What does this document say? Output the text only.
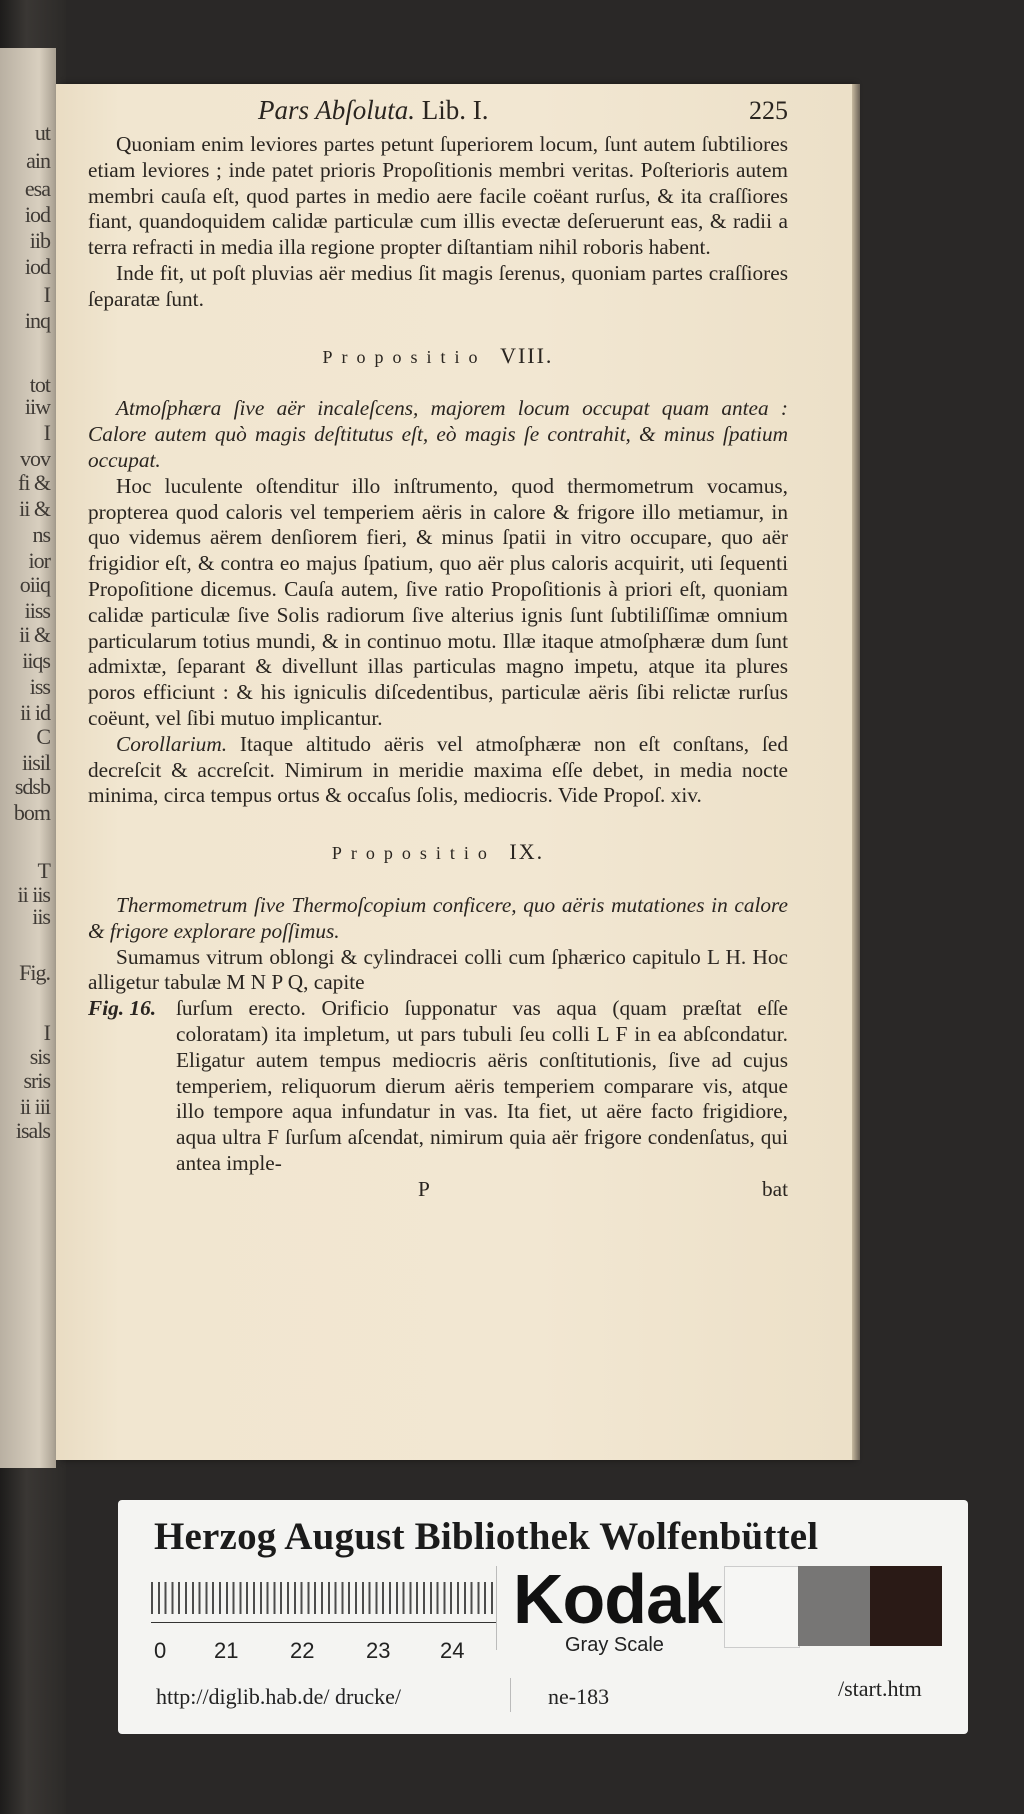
ut
ain
esa
iod
iib
iod
I
inq
tot
iiw
I
vov
fi &
ii &
ns
ior
oiiq
iiss
ii &
iiqs
iss
ii id
C
iisil
sdsb
bom
T
ii iis
iis
Fig.
I
sis
sris
ii iii
isals
Pars Abſoluta. Lib. I.	225

Quoniam enim leviores partes petunt ſuperiorem locum, ſunt autem ſubtiliores etiam leviores ; inde patet prioris Propoſitionis membri veritas. Poſterioris autem membri cauſa eſt, quod partes in medio aere facile coëant rurſus, & ita craſſiores fiant, quandoquidem calidæ particulæ cum illis evectæ deſeruerunt eas, & radii a terra refracti in media illa regione propter diſtantiam nihil roboris habent.

Inde fit, ut poſt pluvias aër medius ſit magis ſerenus, quoniam partes craſſiores ſeparatæ ſunt.

Propositio VIII.

Atmoſphæra ſive aër incaleſcens, majorem locum occupat quam antea : Calore autem quò magis deſtitutus eſt, eò magis ſe contrahit, & minus ſpatium occupat.

Hoc luculente oſtenditur illo inſtrumento, quod thermometrum vocamus, propterea quod caloris vel temperiem aëris in calore & frigore illo metiamur, in quo videmus aërem denſiorem fieri, & minus ſpatii in vitro occupare, quo aër frigidior eſt, & contra eo majus ſpatium, quo aër plus caloris acquirit, uti ſequenti Propoſitione dicemus. Cauſa autem, ſive ratio Propoſitionis à priori eſt, quoniam calidæ particulæ ſive Solis radiorum ſive alterius ignis ſunt ſubtiliſſimæ omnium particularum totius mundi, & in continuo motu. Illæ itaque atmoſphæræ dum ſunt admixtæ, ſeparant & divellunt illas particulas magno impetu, atque ita plures poros efficiunt : & his igniculis diſcedentibus, particulæ aëris ſibi relictæ rurſus coëunt, vel ſibi mutuo implicantur.

Corollarium. Itaque altitudo aëris vel atmoſphæræ non eſt conſtans, ſed decreſcit & accreſcit. Nimirum in meridie maxima eſſe debet, in media nocte minima, circa tempus ortus & occaſus ſolis, mediocris. Vide Propoſ. xiv.

Propositio IX.

Thermometrum ſive Thermoſcopium conficere, quo aëris mutationes in calore & frigore explorare poſſimus.

Sumamus vitrum oblongi & cylindracei colli cum ſphærico capitulo L H. Hoc alligetur tabulæ M N P Q, capite

Fig. 16. ſurſum erecto. Orificio ſupponatur vas aqua (quam præſtat eſſe coloratam) ita impletum, ut pars tubuli ſeu colli L F in ea abſcondatur. Eligatur autem tempus mediocris aëris conſtitutionis, ſive ad cujus temperiem, reliquorum dierum aëris temperiem comparare vis, atque illo tempore aqua infundatur in vas. Ita fiet, ut aëre facto frigidiore, aqua ultra F ſurſum aſcendat, nimirum quia aër frigore condenſatus, qui antea imple-

P	bat
Herzog August Bibliothek Wolfenbüttel
0 21 22 23 24
Kodak
Gray Scale
http://diglib.hab.de/ drucke/	ne-183	/start.htm
